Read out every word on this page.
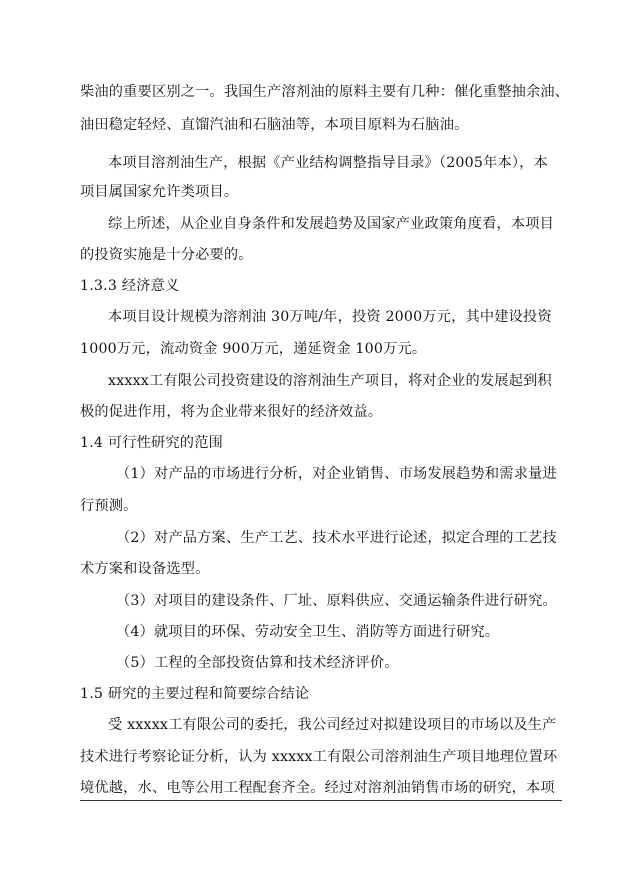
柴油的重要区别之一。我国生产溶剂油的原料主要有几种：催化重整抽余油、
油田稳定轻烃、直馏汽油和石脑油等，本项目原料为石脑油。
本项目溶剂油生产，根据《产业结构调整指导目录》（2005年本），本
项目属国家允许类项目。
综上所述，从企业自身条件和发展趋势及国家产业政策角度看，本项目
的投资实施是十分必要的。
1.3.3 经济意义
本项目设计规模为溶剂油 30万吨/年，投资 2000万元，其中建设投资
1000万元，流动资金 900万元，递延资金 100万元。
xxxxx工有限公司投资建设的溶剂油生产项目，将对企业的发展起到积
极的促进作用，将为企业带来很好的经济效益。
1.4 可行性研究的范围
（1）对产品的市场进行分析，对企业销售、市场发展趋势和需求量进
行预测。
（2）对产品方案、生产工艺、技术水平进行论述，拟定合理的工艺技
术方案和设备选型。
（3）对项目的建设条件、厂址、原料供应、交通运输条件进行研究。
（4）就项目的环保、劳动安全卫生、消防等方面进行研究。
（5）工程的全部投资估算和技术经济评价。
1.5 研究的主要过程和简要综合结论
受 xxxxx工有限公司的委托，我公司经过对拟建设项目的市场以及生产
技术进行考察论证分析，认为 xxxxx工有限公司溶剂油生产项目地理位置环
境优越，水、电等公用工程配套齐全。经过对溶剂油销售市场的研究，本项
